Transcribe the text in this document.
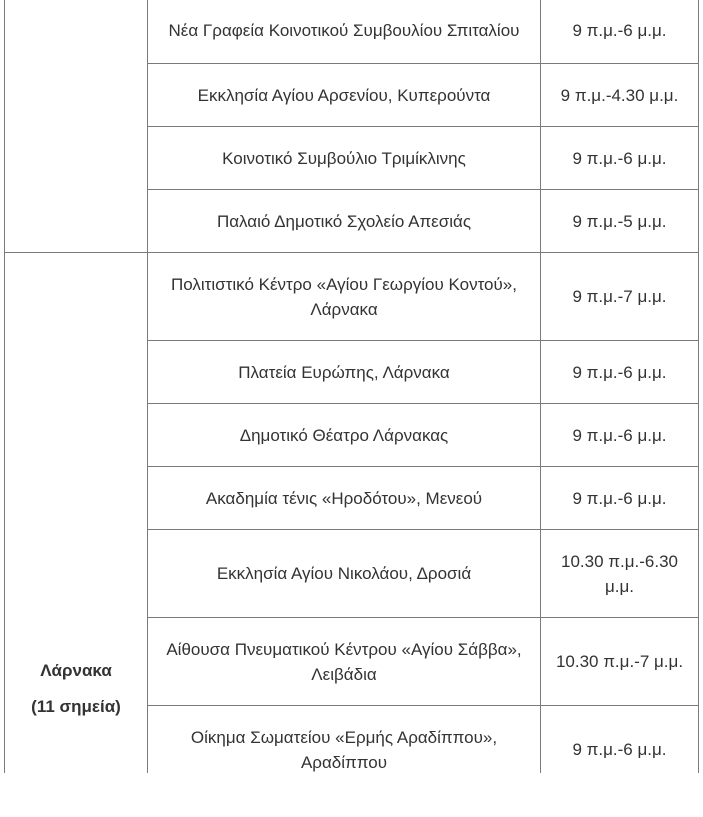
	Νέα Γραφεία Κοινοτικού Συμβουλίου Σπιταλίου	9 π.μ.-6 μ.μ.
	Εκκλησία Αγίου Αρσενίου, Κυπερούντα	9 π.μ.-4.30 μ.μ.
	Κοινοτικό Συμβούλιο Τριμίκλινης	9 π.μ.-6 μ.μ.
	Παλαιό Δημοτικό Σχολείο Απεσιάς	9 π.μ.-5 μ.μ.

Λάρνακα
(11 σημεία)	Πολιτιστικό Κέντρο «Αγίου Γεωργίου Κοντού», Λάρνακα	9 π.μ.-7 μ.μ.
	Πλατεία Ευρώπης, Λάρνακα	9 π.μ.-6 μ.μ.
	Δημοτικό Θέατρο Λάρνακας	9 π.μ.-6 μ.μ.
	Ακαδημία τένις «Ηροδότου», Μενεού	9 π.μ.-6 μ.μ.
	Εκκλησία Αγίου Νικολάου, Δροσιά	10.30 π.μ.-6.30 μ.μ.
	Αίθουσα Πνευματικού Κέντρου «Αγίου Σάββα», Λειβάδια	10.30 π.μ.-7 μ.μ.
	Οίκημα Σωματείου «Ερμής Αραδίππου», Αραδίππου	9 π.μ.-6 μ.μ.
